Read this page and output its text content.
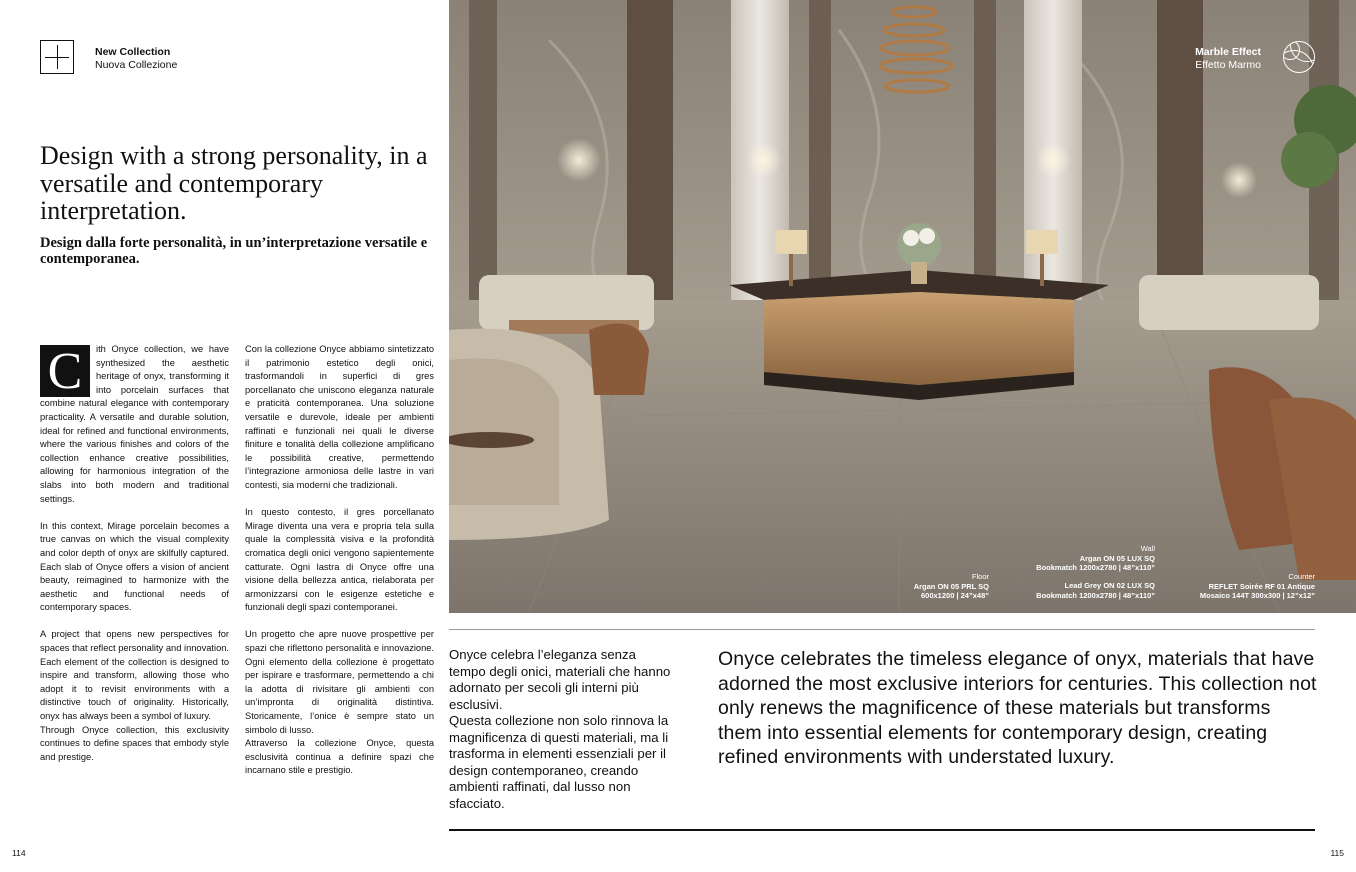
New Collection
Nuova Collezione
Design with a strong personality, in a versatile and contemporary interpretation.
Design dalla forte personalità, in un’interpretazione versatile e contemporanea.
C	ith Onyce collection, we have synthesized the aesthetic heritage of onyx, transforming it into porcelain surfaces that combine natural elegance with contemporary practicality. A versatile and durable solution, ideal for refined and functional environments, where the various finishes and colors of the collection enhance creative possibilities, allowing for harmonious integration of the slabs into both modern and traditional settings.

In this context, Mirage porcelain becomes a true canvas on which the visual complexity and color depth of onyx are skilfully captured. Each slab of Onyce offers a vision of ancient beauty, reimagined to harmonize with the aesthetic and functional needs of contemporary spaces.

A project that opens new perspectives for spaces that reflect personality and innovation. Each element of the collection is designed to inspire and transform, allowing those who adopt it to revisit environments with a distinctive touch of originality. Historically, onyx has always been a symbol of luxury.

Through Onyce collection, this exclusivity continues to define spaces that embody style and prestige.

Con la collezione Onyce abbiamo sintetizzato il patrimonio estetico degli onici, trasformandoli in superfici di gres porcellanato che uniscono eleganza naturale e praticità contemporanea. Una soluzione versatile e durevole, ideale per ambienti raffinati e funzionali nei quali le diverse finiture e tonalità della collezione amplificano le possibilità creative, permettendo l’integrazione armoniosa delle lastre in vari contesti, sia moderni che tradizionali.

In questo contesto, il gres porcellanato Mirage diventa una vera e propria tela sulla quale la complessità visiva e la profondità cromatica degli onici vengono sapientemente catturate. Ogni lastra di Onyce offre una visione della bellezza antica, rielaborata per armonizzarsi con le esigenze estetiche e funzionali degli spazi contemporanei.

Un progetto che apre nuove prospettive per spazi che riflettono personalità e innovazione. Ogni elemento della collezione è progettato per ispirare e trasformare, permettendo a chi la adotta di rivisitare gli ambienti con un’impronta di originalità distintiva. Storicamente, l’onice è sempre stato un simbolo di lusso.

Attraverso la collezione Onyce, questa esclusività continua a definire spazi che incarnano stile e prestigio.

114
Marble Effect
Effetto Marmo
Wall
Argan ON 05 LUX SQ
Bookmatch 1200x2780 | 48”x110”
Floor
Argan ON 05 PRL SQ
600x1200 | 24”x48”
Lead Grey ON 02 LUX SQ
Bookmatch 1200x2780 | 48”x110”
Counter
REFLET Soirée RF 01 Antique
Mosaico 144T 300x300 | 12”x12”
Onyce celebra l’eleganza senza tempo degli onici, materiali che hanno adornato per secoli gli interni più esclusivi.
Questa collezione non solo rinnova la magnificenza di questi materiali, ma li trasforma in elementi essenziali per il design contemporaneo, creando ambienti raffinati, dal lusso non sfacciato.
Onyce celebrates the timeless elegance of onyx, materials that have adorned the most exclusive interiors for centuries. This collection not only renews the magnificence of these materials but transforms them into essential elements for contemporary design, creating refined environments with understated luxury.
115
